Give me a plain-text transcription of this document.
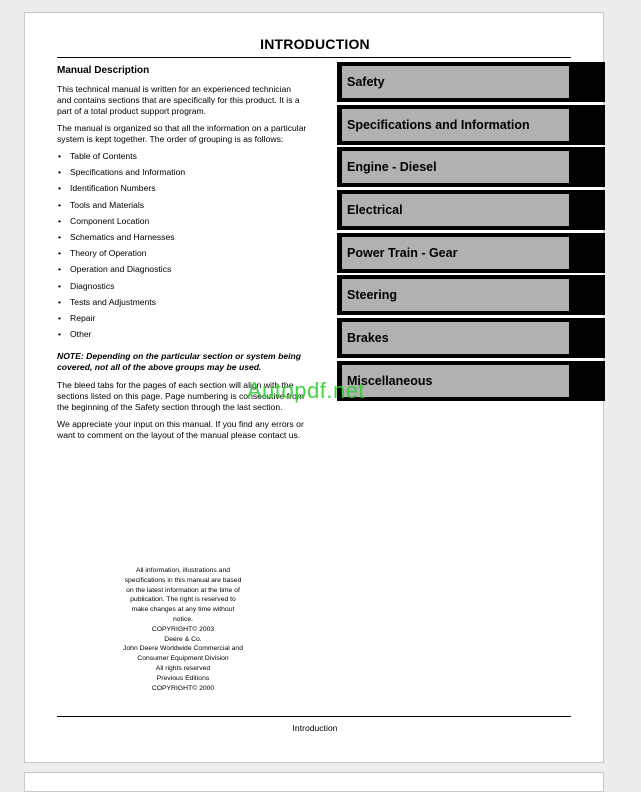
INTRODUCTION
Manual Description

This technical manual is written for an experienced technician and contains sections that are specifically for this product. It is a part of a total product support program.

The manual is organized so that all the information on a particular system is kept together. The order of grouping is as follows:

• Table of Contents
• Specifications and Information
• Identification Numbers
• Tools and Materials
• Component Location
• Schematics and Harnesses
• Theory of Operation
• Operation and Diagnostics
• Diagnostics
• Tests and Adjustments
• Repair
• Other

NOTE: Depending on the particular section or system being covered, not all of the above groups may be used.

The bleed tabs for the pages of each section will align with the sections listed on this page. Page numbering is consecutive from the beginning of the Safety section through the last section.

We appreciate your input on this manual. If you find any errors or want to comment on the layout of the manual please contact us.

All information, illustrations and
specifications in this manual are based
on the latest information at the time of
publication. The right is reserved to
make changes at any time without
notice.
COPYRIGHT© 2003
Deere & Co.
John Deere Worldwide Commercial and
Consumer Equipment Division
All rights reserved
Previous Editions
COPYRIGHT© 2000
Safety
Specifications and Information
Engine - Diesel
Electrical
Power Train - Gear
Steering
Brakes
Miscellaneous
Autopdf.net
Introduction
